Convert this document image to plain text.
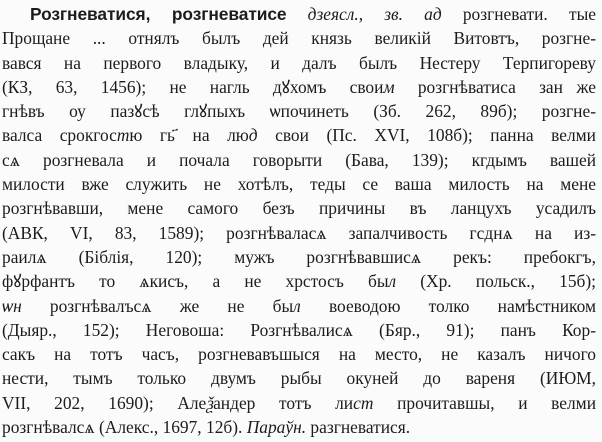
Розгневатися, розгневатисе дзеясл., зв. ад розгневати. тые
Прощане ... отнялъ былъ дей князь великій Витовтъ, розгне-
вався на первого владыку, и далъ былъ Нестеру Терпигореву
(КЗ, 63, 1456); не нагль дꙋхомъ своим розгнѣватиса зан꙽же
гнѣвъ оу пазꙋсѣ глꙋпыхъ ѡпочинеть (Зб. 262, 89б); розгне-
валса срокгостю гь҃ на люд свои (Пс. XVI, 108б); панна велми
сѧ розгневала и почала говорыти (Бава, 139); кгдымъ вашей
милости вже служить не хотѣлъ, теды се ваша милость на мене
розгнѣвавши, мене самого безъ причины въ ланцухъ усадилъ
(АВК, VI, 83, 1589); розгнѣваласѧ запалчивость гсднѧ на из-
раилѧ (Біблія, 120); мужъ розгнѣвавшисѧ рекъ: пребокгъ,
фꙋрфантъ то ѧкисъ, а не хрстосъ был (Хр. польск., 15б);
ѡн розгнѣвалъсѧ же не был воеводою толко намѣстником
(Дыяр., 152); Неговоша: Розгнѣвалисѧ (Бяр., 91); панъ Кор-
сакъ на тотъ часъ, розгневавъшыся на место, не казалъ ничого
нести, тымъ только двумъ рыбы окуней до вареня (ИЮМ,
VII, 202, 1690); Алеѯандер тотъ лист прочитавшы, и велми
розгнѣвалсѧ (Алекс., 1697, 12б). Параўн. разгневатися.
